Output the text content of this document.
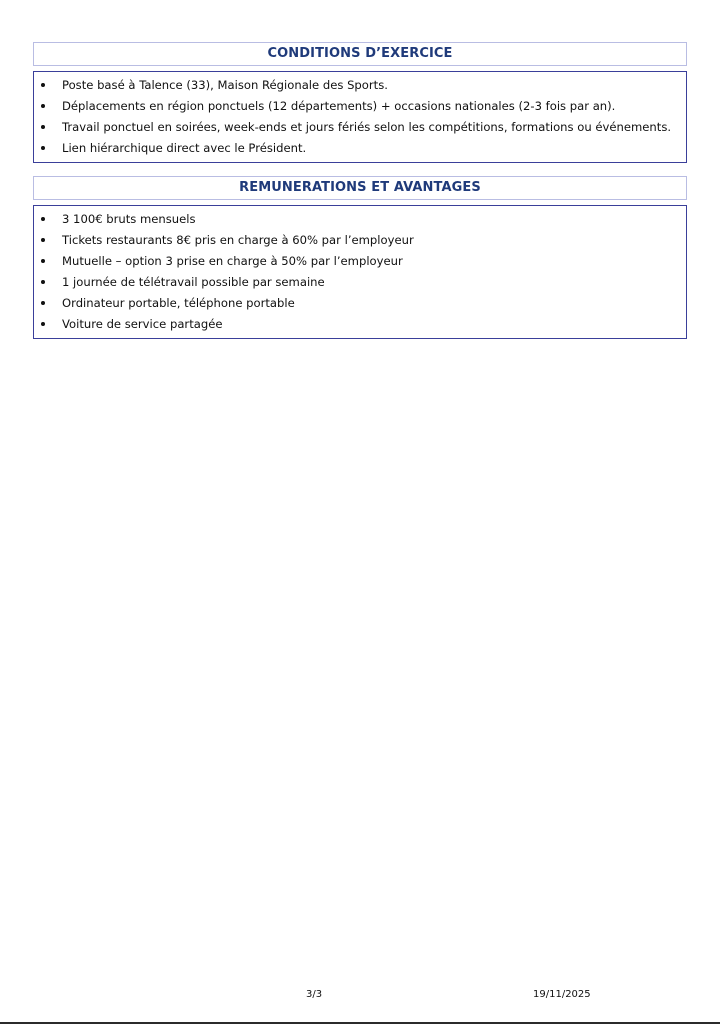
CONDITIONS D’EXERCICE
Poste basé à Talence (33), Maison Régionale des Sports.
Déplacements en région ponctuels (12 départements) + occasions nationales (2-3 fois par an).
Travail ponctuel en soirées, week-ends et jours fériés selon les compétitions, formations ou événements.
Lien hiérarchique direct avec le Président.
REMUNERATIONS ET AVANTAGES
3 100€ bruts mensuels
Tickets restaurants 8€ pris en charge à 60% par l’employeur
Mutuelle – option 3 prise en charge à 50% par l’employeur
1 journée de télétravail possible par semaine
Ordinateur portable, téléphone portable
Voiture de service partagée
3/3	19/11/2025
